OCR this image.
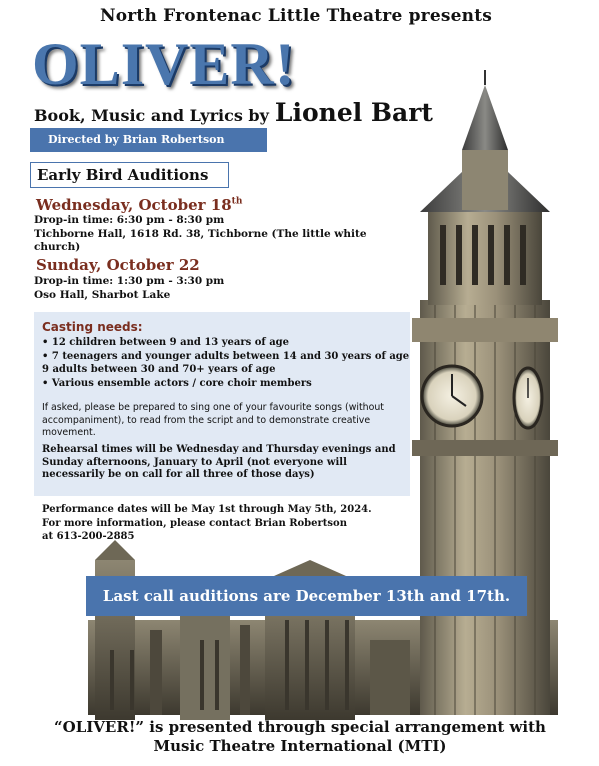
North Frontenac Little Theatre presents
OLIVER!
Book, Music and Lyrics by Lionel Bart
Directed by Brian Robertson
Early Bird Auditions
Wednesday, October 18th
Drop-in time: 6:30 pm - 8:30 pm
Tichborne Hall, 1618 Rd. 38, Tichborne (The little white church)
Sunday, October 22
Drop-in time: 1:30 pm - 3:30 pm
Oso Hall, Sharbot Lake
Casting needs:
• 12 children between 9 and 13 years of age
• 7 teenagers and younger adults between 14 and 30 years of age
9 adults between 30 and 70+ years of age
• Various ensemble actors / core choir members
If asked, please be prepared to sing one of your favourite songs (without accompaniment), to read from the script and to demonstrate creative movement.
Rehearsal times will be Wednesday and Thursday evenings and Sunday afternoons, January to April (not everyone will necessarily be on call for all three of those days)
Performance dates will be May 1st through May 5th, 2024.
For more information, please contact Brian Robertson at 613-200-2885
Last call auditions are December 13th and 17th.
“OLIVER!” is presented through special arrangement with Music Theatre International (MTI)
